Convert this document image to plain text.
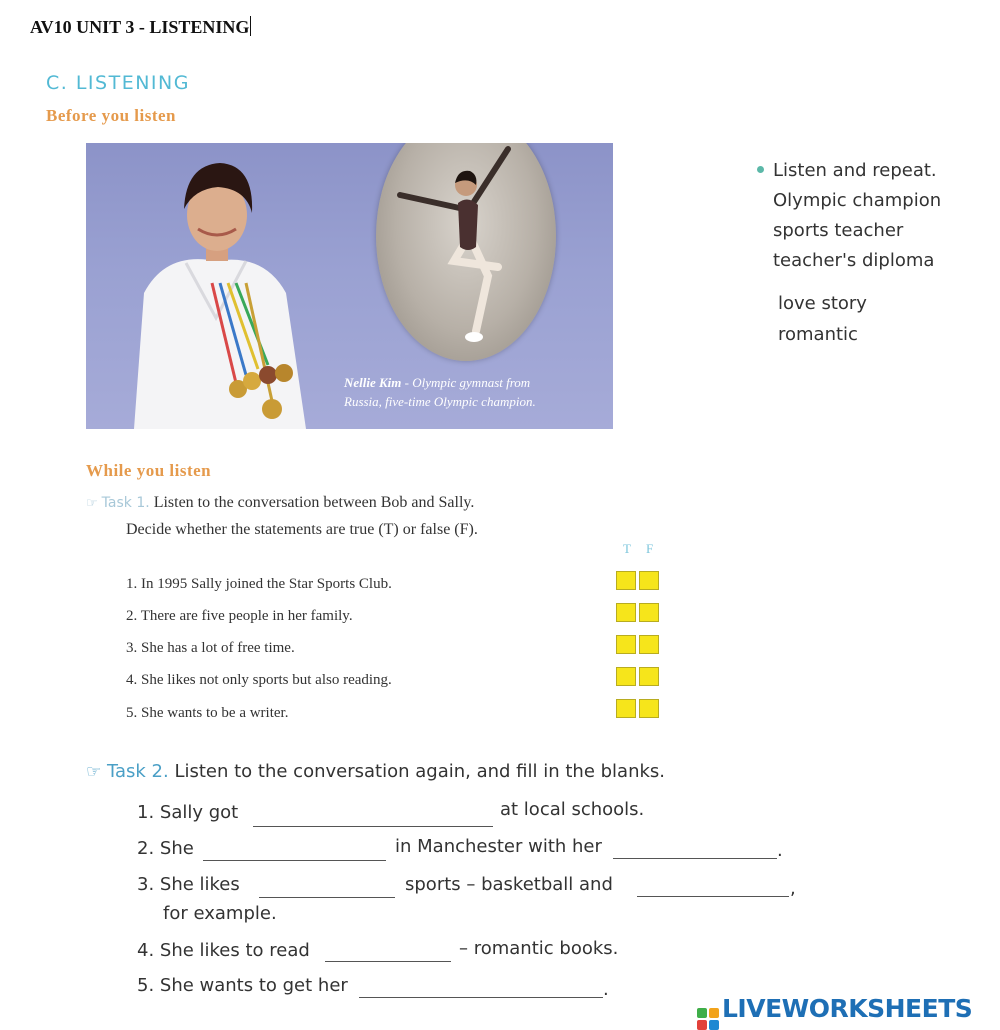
AV10 UNIT 3 - LISTENING
C. LISTENING
Before you listen
Nellie Kim - Olympic gymnast from
Russia, five-time Olympic champion.
Listen and repeat.
Olympic champion
sports teacher
teacher's diploma
love story
romantic
While you listen
☞ Task 1. Listen to the conversation between Bob and Sally.
Decide whether the statements are true (T) or false (F).
T F
1. In 1995 Sally joined the Star Sports Club.
2. There are five people in her family.
3. She has a lot of free time.
4. She likes not only sports but also reading.
5. She wants to be a writer.
☞ Task 2. Listen to the conversation again, and fill in the blanks.
1. Sally got	at local schools.
2. She	in Manchester with her	.
3. She likes	sports – basketball and	,
for example.
4. She likes to read	– romantic books.
5. She wants to get her	.
LIVEWORKSHEETS
